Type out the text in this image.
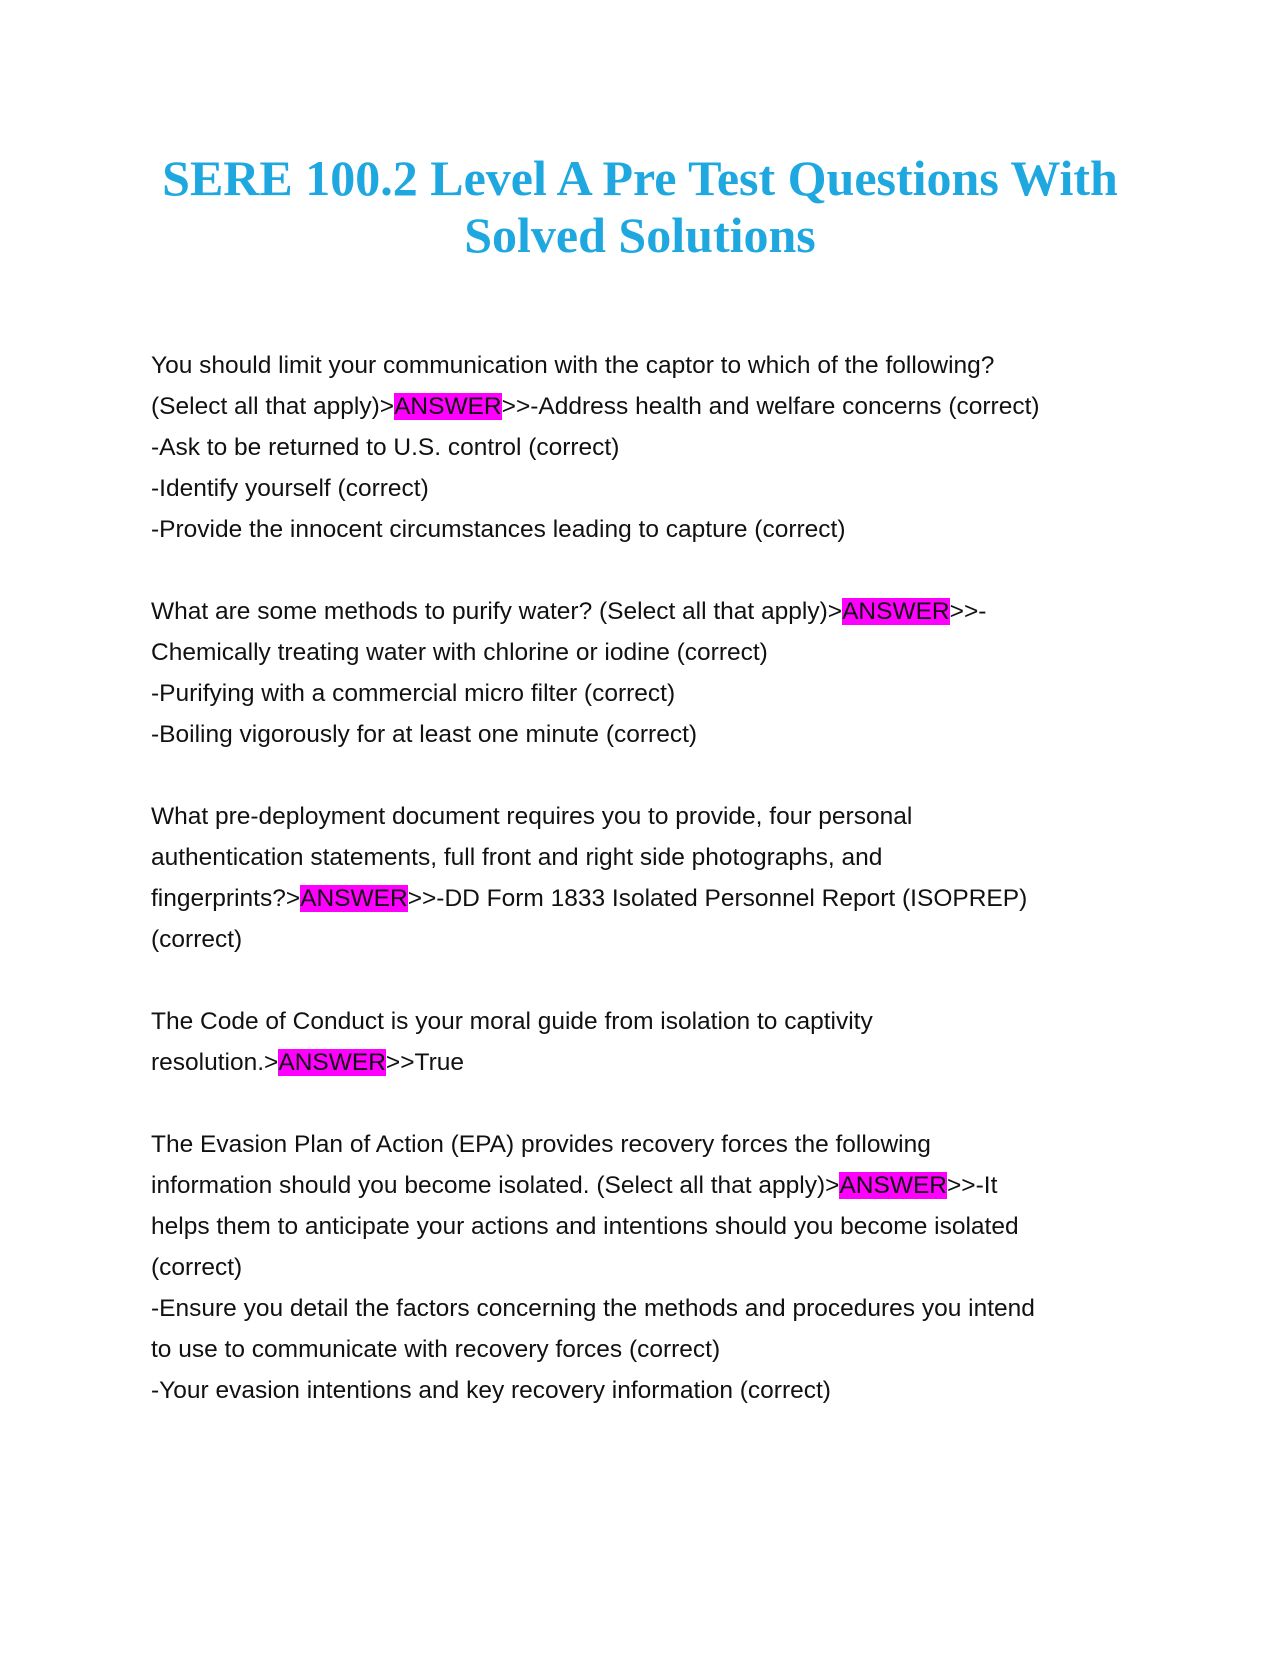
SERE 100.2 Level A Pre Test Questions With
Solved Solutions
You should limit your communication with the captor to which of the following?
(Select all that apply)>ANSWER>>-Address health and welfare concerns (correct)
-Ask to be returned to U.S. control (correct)
-Identify yourself (correct)
-Provide the innocent circumstances leading to capture (correct)
What are some methods to purify water? (Select all that apply)>ANSWER>>-
Chemically treating water with chlorine or iodine (correct)
-Purifying with a commercial micro filter (correct)
-Boiling vigorously for at least one minute (correct)
What pre-deployment document requires you to provide, four personal
authentication statements, full front and right side photographs, and
fingerprints?>ANSWER>>-DD Form 1833 Isolated Personnel Report (ISOPREP)
(correct)
The Code of Conduct is your moral guide from isolation to captivity
resolution.>ANSWER>>True
The Evasion Plan of Action (EPA) provides recovery forces the following
information should you become isolated. (Select all that apply)>ANSWER>>-It
helps them to anticipate your actions and intentions should you become isolated
(correct)
-Ensure you detail the factors concerning the methods and procedures you intend
to use to communicate with recovery forces (correct)
-Your evasion intentions and key recovery information (correct)
